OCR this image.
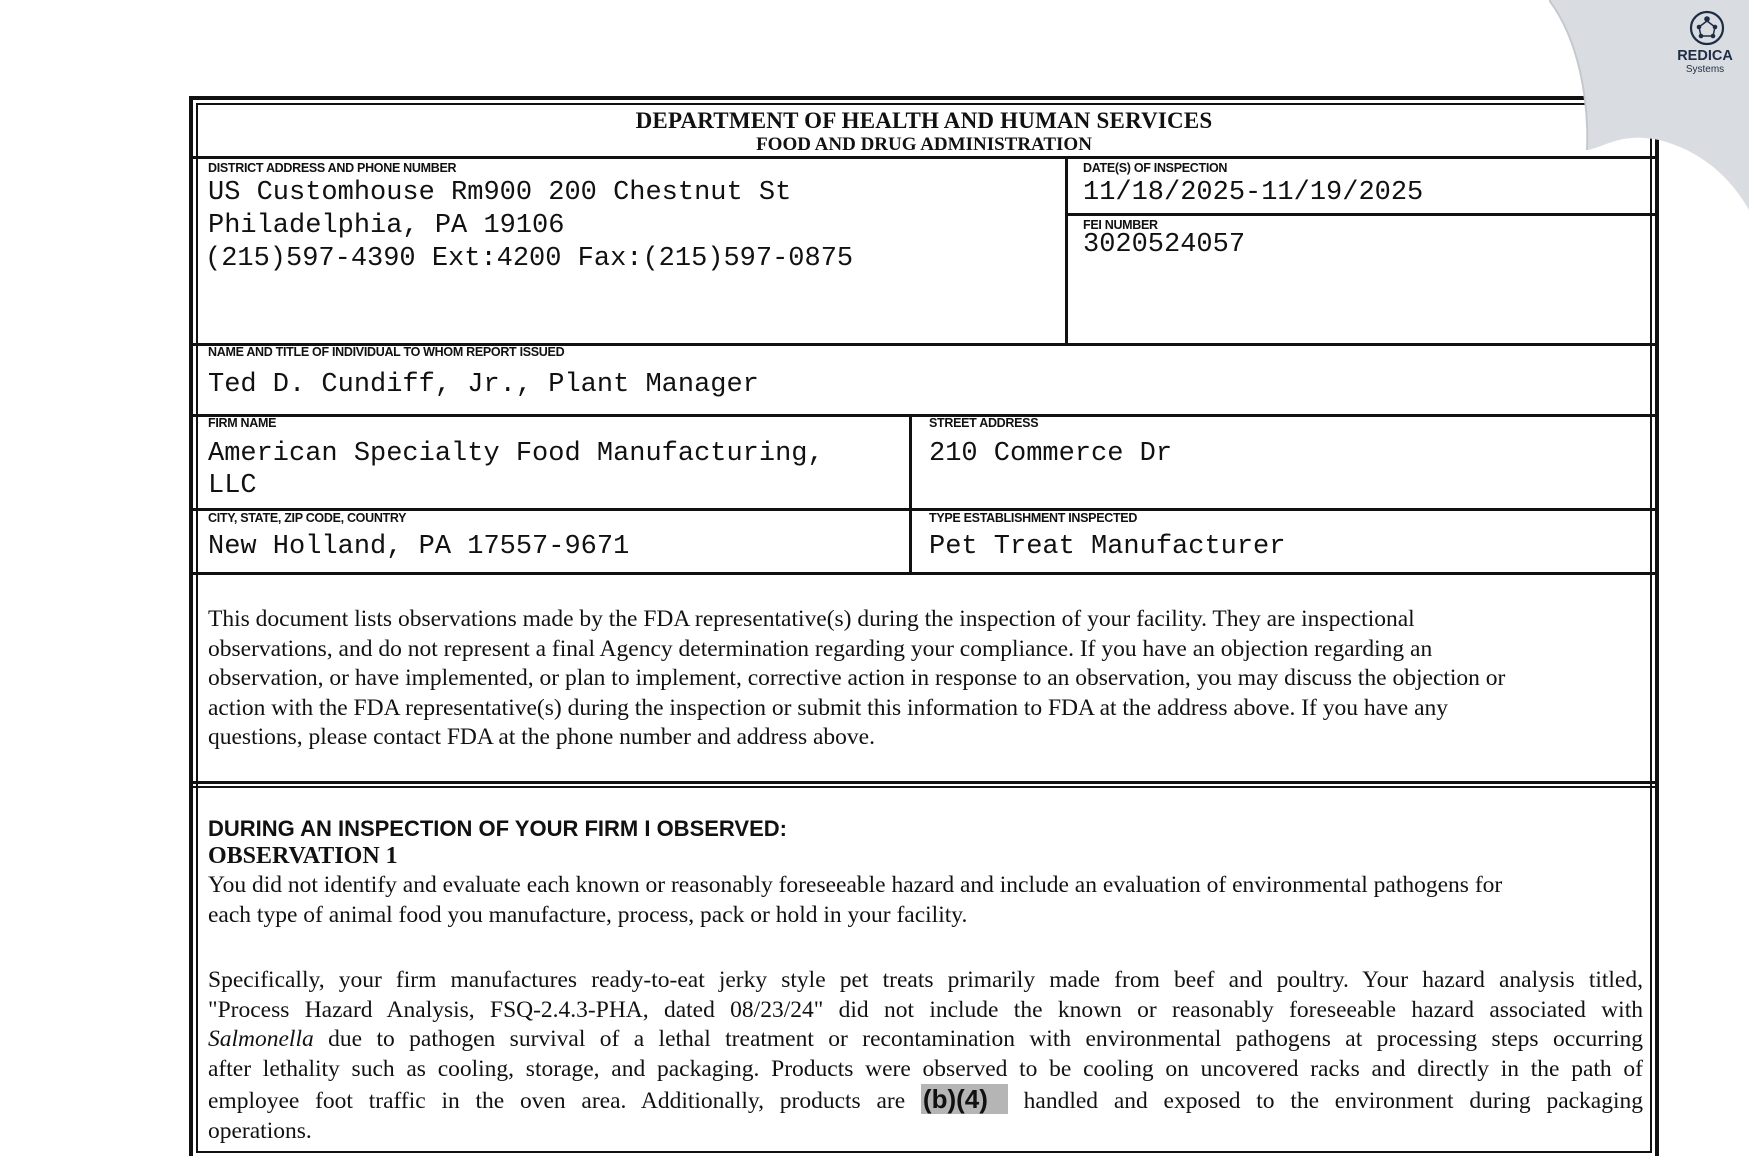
DEPARTMENT OF HEALTH AND HUMAN SERVICES
FOOD AND DRUG ADMINISTRATION
DISTRICT ADDRESS AND PHONE NUMBER
US Customhouse Rm900 200 Chestnut St
Philadelphia, PA 19106
(215)597-4390 Ext:4200 Fax:(215)597-0875
DATE(S) OF INSPECTION
11/18/2025-11/19/2025
FEI NUMBER
3020524057
NAME AND TITLE OF INDIVIDUAL TO WHOM REPORT ISSUED
Ted D. Cundiff, Jr., Plant Manager
FIRM NAME
American Specialty Food Manufacturing,
LLC
STREET ADDRESS
210 Commerce Dr
CITY, STATE, ZIP CODE, COUNTRY
New Holland, PA 17557-9671
TYPE ESTABLISHMENT INSPECTED
Pet Treat Manufacturer
This document lists observations made by the FDA representative(s) during the inspection of your facility. They are inspectional
observations, and do not represent a final Agency determination regarding your compliance. If you have an objection regarding an
observation, or have implemented, or plan to implement, corrective action in response to an observation, you may discuss the objection or
action with the FDA representative(s) during the inspection or submit this information to FDA at the address above. If you have any
questions, please contact FDA at the phone number and address above.
DURING AN INSPECTION OF YOUR FIRM I OBSERVED:
OBSERVATION 1
You did not identify and evaluate each known or reasonably foreseeable hazard and include an evaluation of environmental pathogens for
each type of animal food you manufacture, process, pack or hold in your facility.
Specifically, your firm manufactures ready-to-eat jerky style pet treats primarily made from beef and poultry. Your hazard analysis titled,
"Process Hazard Analysis, FSQ-2.4.3-PHA, dated 08/23/24" did not include the known or reasonably foreseeable hazard associated with
Salmonella due to pathogen survival of a lethal treatment or recontamination with environmental pathogens at processing steps occurring
after lethality such as cooling, storage, and packaging. Products were observed to be cooling on uncovered racks and directly in the path of
employee foot traffic in the oven area. Additionally, products are (b)(4) handled and exposed to the environment during packaging
operations.
REDICA
Systems
